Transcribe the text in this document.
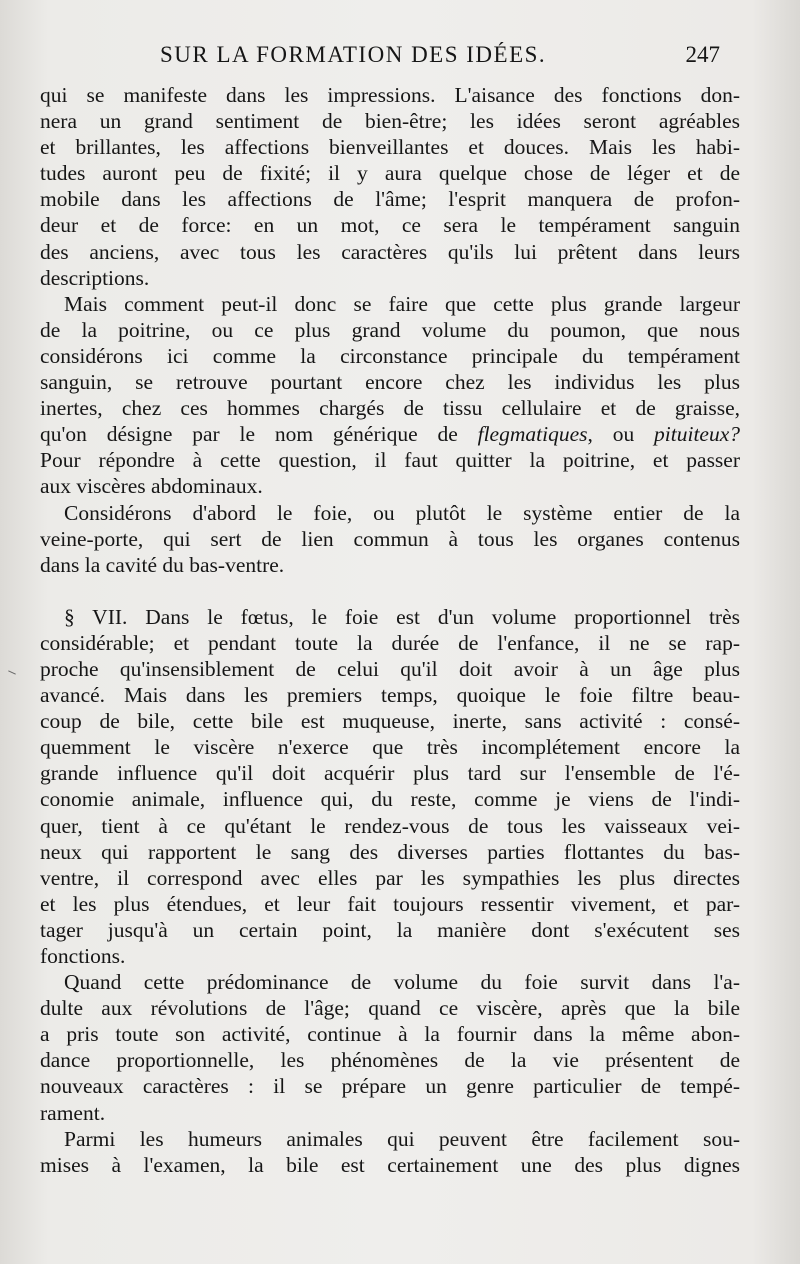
SUR LA FORMATION DES IDÉES.	247
qui se manifeste dans les impressions. L'aisance des fonctions don-
nera un grand sentiment de bien-être; les idées seront agréables
et brillantes, les affections bienveillantes et douces. Mais les habi-
tudes auront peu de fixité; il y aura quelque chose de léger et de
mobile dans les affections de l'âme; l'esprit manquera de profon-
deur et de force: en un mot, ce sera le tempérament sanguin
des anciens, avec tous les caractères qu'ils lui prêtent dans leurs
descriptions.
Mais comment peut-il donc se faire que cette plus grande largeur
de la poitrine, ou ce plus grand volume du poumon, que nous
considérons ici comme la circonstance principale du tempérament
sanguin, se retrouve pourtant encore chez les individus les plus
inertes, chez ces hommes chargés de tissu cellulaire et de graisse,
qu'on désigne par le nom générique de flegmatiques, ou pituiteux?
Pour répondre à cette question, il faut quitter la poitrine, et passer
aux viscères abdominaux.
Considérons d'abord le foie, ou plutôt le système entier de la
veine-porte, qui sert de lien commun à tous les organes contenus
dans la cavité du bas-ventre.
§ VII. Dans le fœtus, le foie est d'un volume proportionnel très
considérable; et pendant toute la durée de l'enfance, il ne se rap-
proche qu'insensiblement de celui qu'il doit avoir à un âge plus
avancé. Mais dans les premiers temps, quoique le foie filtre beau-
coup de bile, cette bile est muqueuse, inerte, sans activité : consé-
quemment le viscère n'exerce que très incomplétement encore la
grande influence qu'il doit acquérir plus tard sur l'ensemble de l'é-
conomie animale, influence qui, du reste, comme je viens de l'indi-
quer, tient à ce qu'étant le rendez-vous de tous les vaisseaux vei-
neux qui rapportent le sang des diverses parties flottantes du bas-
ventre, il correspond avec elles par les sympathies les plus directes
et les plus étendues, et leur fait toujours ressentir vivement, et par-
tager jusqu'à un certain point, la manière dont s'exécutent ses
fonctions.
Quand cette prédominance de volume du foie survit dans l'a-
dulte aux révolutions de l'âge; quand ce viscère, après que la bile
a pris toute son activité, continue à la fournir dans la même abon-
dance proportionnelle, les phénomènes de la vie présentent de
nouveaux caractères : il se prépare un genre particulier de tempé-
rament.
Parmi les humeurs animales qui peuvent être facilement sou-
mises à l'examen, la bile est certainement une des plus dignes
